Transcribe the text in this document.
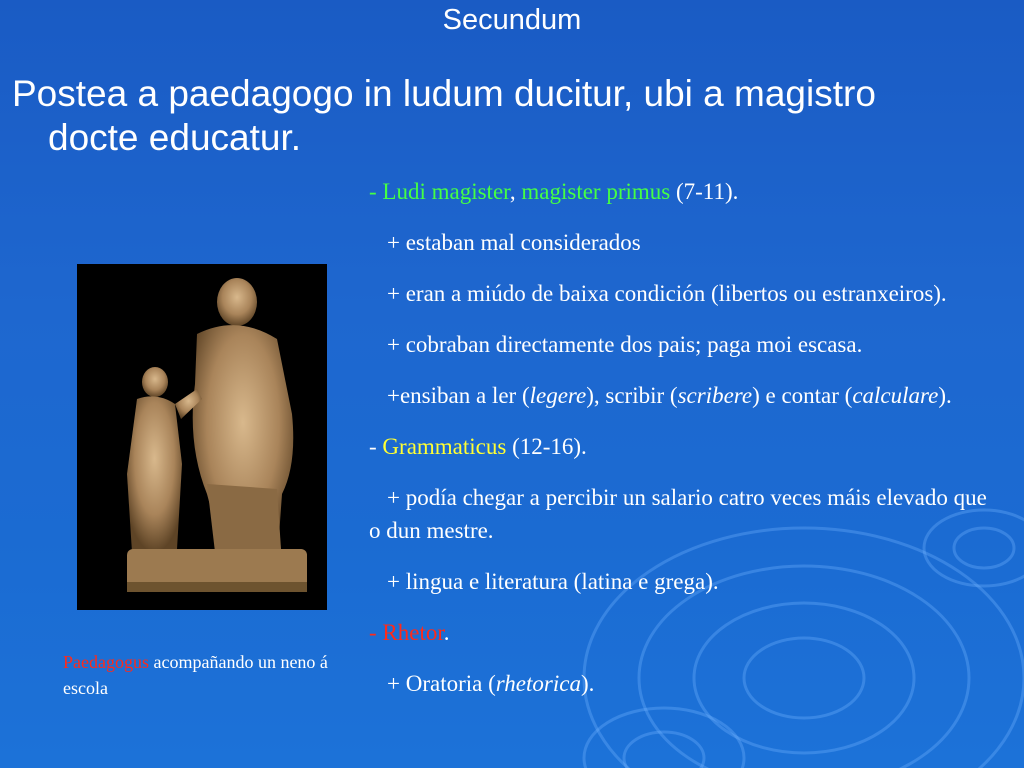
Secundum
Postea a paedagogo in ludum ducitur, ubi a magistro
docte educatur.
Paedagogus acompañando un neno á escola

- Ludi magister, magister primus (7-11).

+ estaban mal considerados

+ eran a miúdo de baixa condición (libertos ou estranxeiros).

+ cobraban directamente dos pais; paga moi escasa.

+ensiban a ler (legere), scribir (scribere) e contar (calculare).

- Grammaticus (12-16).

+ podía chegar a percibir un salario catro veces máis elevado que o dun mestre.

+ lingua e literatura (latina e grega).

- Rhetor.

+ Oratoria (rhetorica).
